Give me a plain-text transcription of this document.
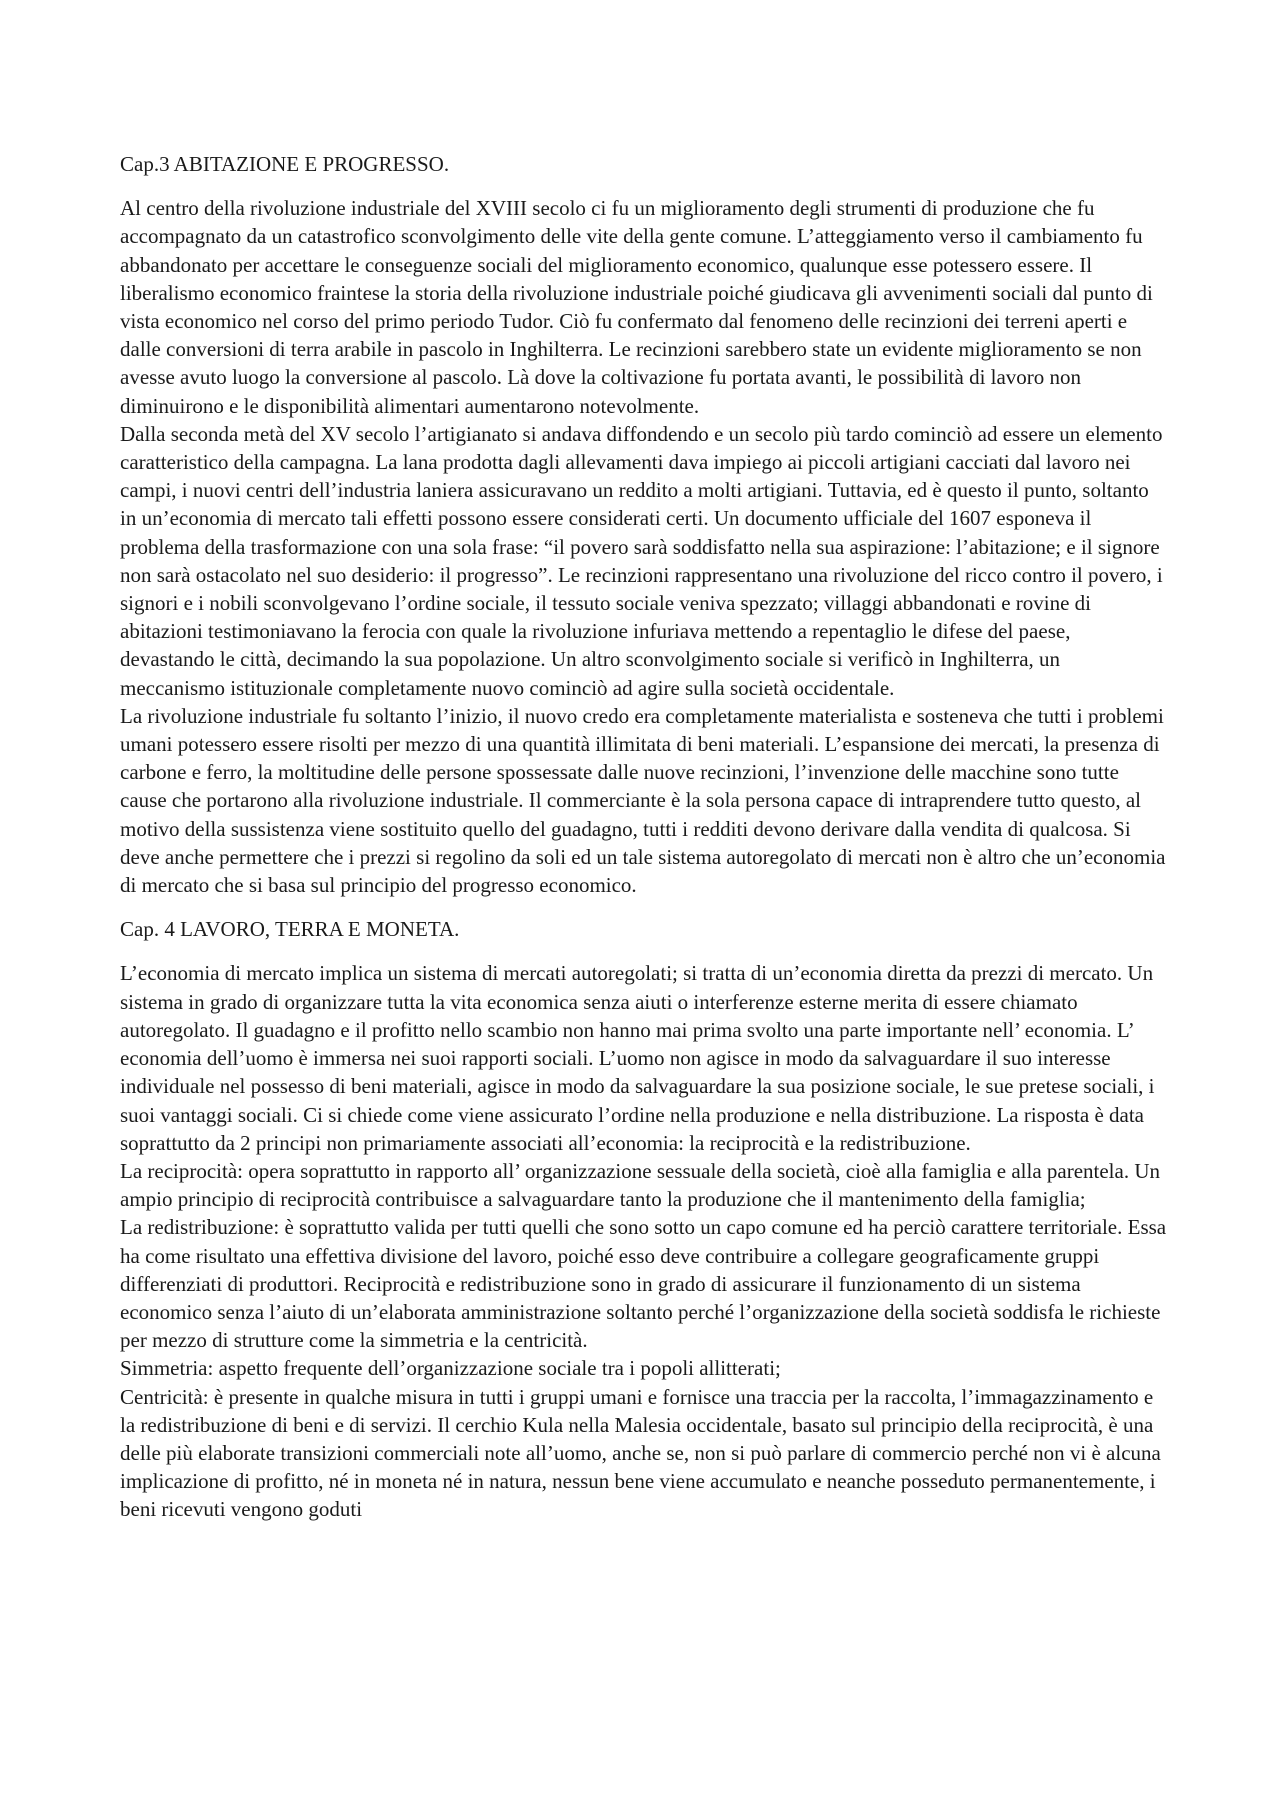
Cap.3 ABITAZIONE E PROGRESSO.

Al centro della rivoluzione industriale del XVIII secolo ci fu un miglioramento degli strumenti di produzione che fu accompagnato da un catastrofico sconvolgimento delle vite della gente comune. L’atteggiamento verso il cambiamento fu abbandonato per accettare le conseguenze sociali del miglioramento economico, qualunque esse potessero essere. Il liberalismo economico fraintese la storia della rivoluzione industriale poiché giudicava gli avvenimenti sociali dal punto di vista economico nel corso del primo periodo Tudor. Ciò fu confermato dal fenomeno delle recinzioni dei terreni aperti e dalle conversioni di terra arabile in pascolo in Inghilterra. Le recinzioni sarebbero state un evidente miglioramento se non avesse avuto luogo la conversione al pascolo. Là dove la coltivazione fu portata avanti, le possibilità di lavoro non diminuirono e le disponibilità alimentari aumentarono notevolmente.

Dalla seconda metà del XV secolo l’artigianato si andava diffondendo e un secolo più tardo cominciò ad essere un elemento caratteristico della campagna. La lana prodotta dagli allevamenti dava impiego ai piccoli artigiani cacciati dal lavoro nei campi, i nuovi centri dell’industria laniera assicuravano un reddito a molti artigiani. Tuttavia, ed è questo il punto, soltanto in un’economia di mercato tali effetti possono essere considerati certi. Un documento ufficiale del 1607 esponeva il problema della trasformazione con una sola frase: “il povero sarà soddisfatto nella sua aspirazione: l’abitazione; e il signore non sarà ostacolato nel suo desiderio: il progresso”. Le recinzioni rappresentano una rivoluzione del ricco contro il povero, i signori e i nobili sconvolgevano l’ordine sociale, il tessuto sociale veniva spezzato; villaggi abbandonati e rovine di abitazioni testimoniavano la ferocia con quale la rivoluzione infuriava mettendo a repentaglio le difese del paese, devastando le città, decimando la sua popolazione. Un altro sconvolgimento sociale si verificò in Inghilterra, un meccanismo istituzionale completamente nuovo cominciò ad agire sulla società occidentale.

La rivoluzione industriale fu soltanto l’inizio, il nuovo credo era completamente materialista e sosteneva che tutti i problemi umani potessero essere risolti per mezzo di una quantità illimitata di beni materiali. L’espansione dei mercati, la presenza di carbone e ferro, la moltitudine delle persone spossessate dalle nuove recinzioni, l’invenzione delle macchine sono tutte cause che portarono alla rivoluzione industriale. Il commerciante è la sola persona capace di intraprendere tutto questo, al motivo della sussistenza viene sostituito quello del guadagno, tutti i redditi devono derivare dalla vendita di qualcosa. Si deve anche permettere che i prezzi si regolino da soli ed un tale sistema autoregolato di mercati non è altro che un’economia di mercato che si basa sul principio del progresso economico.

Cap. 4 LAVORO, TERRA E MONETA.

L’economia di mercato implica un sistema di mercati autoregolati; si tratta di un’economia diretta da prezzi di mercato. Un sistema in grado di organizzare tutta la vita economica senza aiuti o interferenze esterne merita di essere chiamato autoregolato. Il guadagno e il profitto nello scambio non hanno mai prima svolto una parte importante nell’ economia. L’ economia dell’uomo è immersa nei suoi rapporti sociali. L’uomo non agisce in modo da salvaguardare il suo interesse individuale nel possesso di beni materiali, agisce in modo da salvaguardare la sua posizione sociale, le sue pretese sociali, i suoi vantaggi sociali. Ci si chiede come viene assicurato l’ordine nella produzione e nella distribuzione. La risposta è data soprattutto da 2 principi non primariamente associati all’economia: la reciprocità e la redistribuzione.

La reciprocità: opera soprattutto in rapporto all’ organizzazione sessuale della società, cioè alla famiglia e alla parentela. Un ampio principio di reciprocità contribuisce a salvaguardare tanto la produzione che il mantenimento della famiglia;

La redistribuzione: è soprattutto valida per tutti quelli che sono sotto un capo comune ed ha perciò carattere territoriale. Essa ha come risultato una effettiva divisione del lavoro, poiché esso deve contribuire a collegare geograficamente gruppi differenziati di produttori. Reciprocità e redistribuzione sono in grado di assicurare il funzionamento di un sistema economico senza l’aiuto di un’elaborata amministrazione soltanto perché l’organizzazione della società soddisfa le richieste per mezzo di strutture come la simmetria e la centricità.

Simmetria: aspetto frequente dell’organizzazione sociale tra i popoli allitterati;

Centricità: è presente in qualche misura in tutti i gruppi umani e fornisce una traccia per la raccolta, l’immagazzinamento e la redistribuzione di beni e di servizi. Il cerchio Kula nella Malesia occidentale, basato sul principio della reciprocità, è una delle più elaborate transizioni commerciali note all’uomo, anche se, non si può parlare di commercio perché non vi è alcuna implicazione di profitto, né in moneta né in natura, nessun bene viene accumulato e neanche posseduto permanentemente, i beni ricevuti vengono goduti
